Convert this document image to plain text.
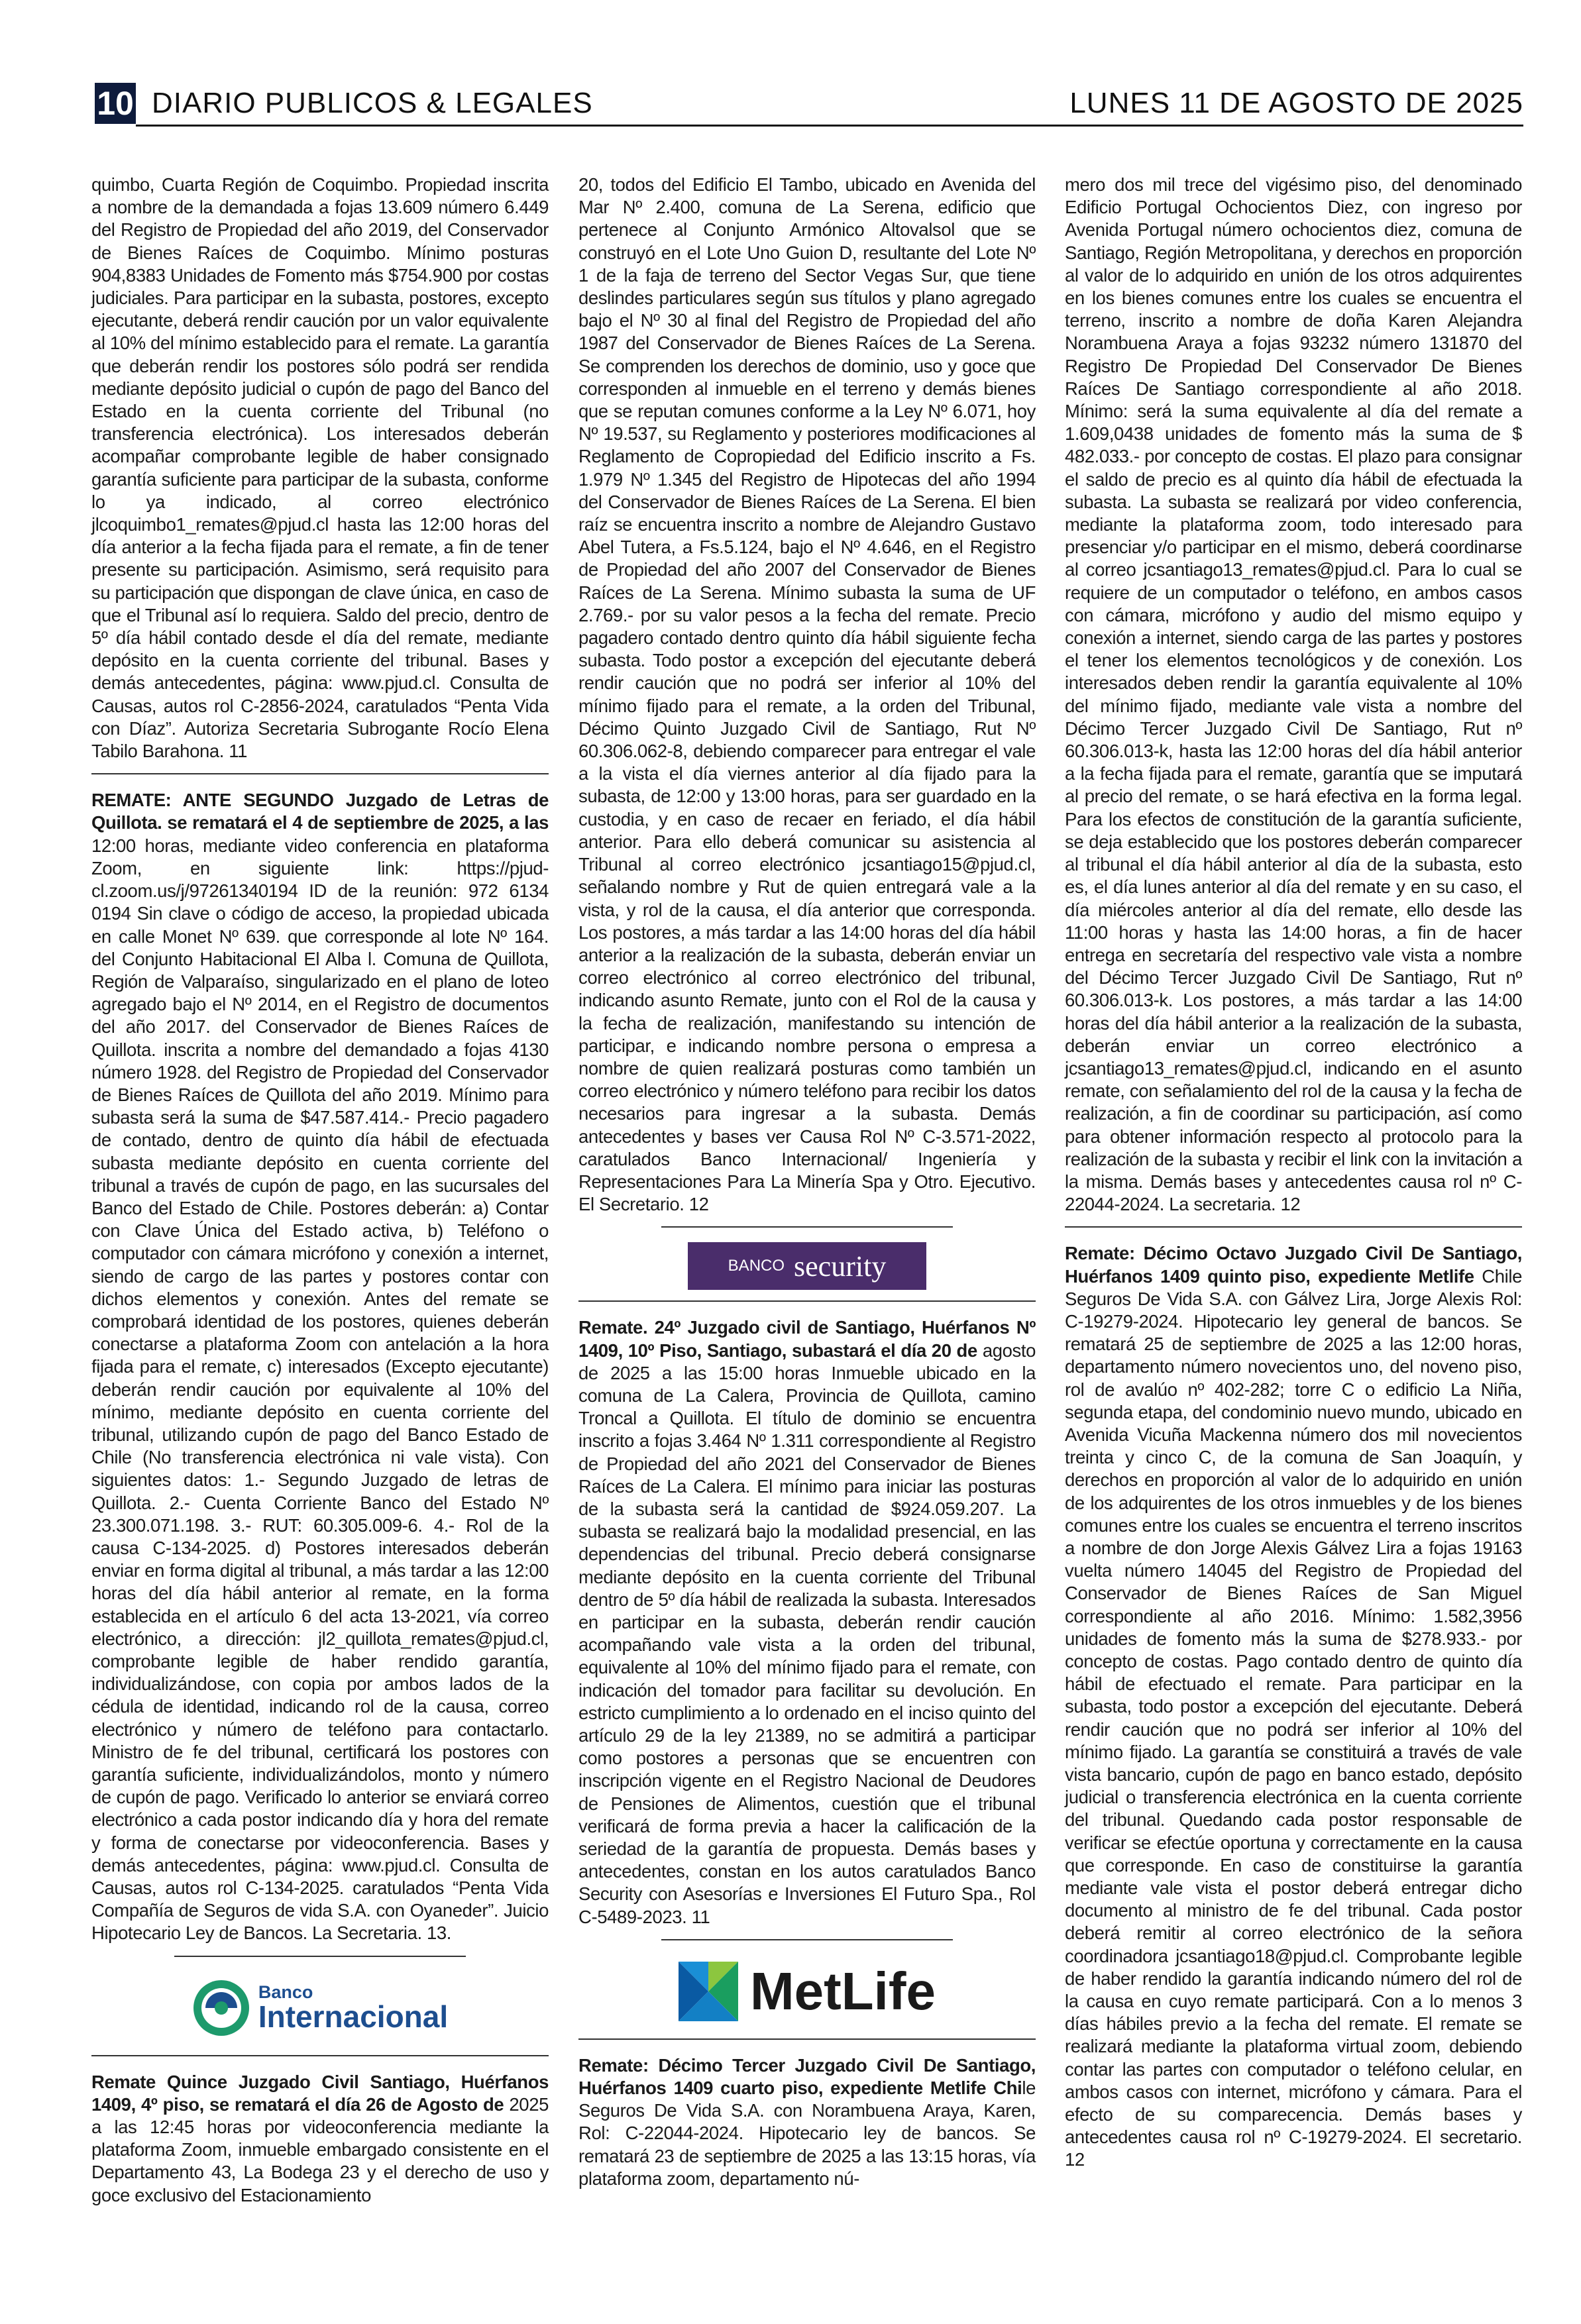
10 DIARIO PUBLICOS & LEGALES	LUNES 11 DE AGOSTO DE 2025

quimbo, Cuarta Región de Coquimbo. Propiedad inscrita a nombre de la demandada a fojas 13.609 número 6.449 del Registro de Propiedad del año 2019, del Conservador de Bienes Raíces de Coquimbo. Mínimo posturas 904,8383 Unidades de Fomento más $754.900 por costas judiciales. Para participar en la subasta, postores, excepto ejecutante, deberá rendir caución por un valor equivalente al 10% del mínimo establecido para el remate. La garantía que deberán rendir los postores sólo podrá ser rendida mediante depósito judicial o cupón de pago del Banco del Estado en la cuenta corriente del Tribunal (no transferencia electrónica). Los interesados deberán acompañar comprobante legible de haber consignado garantía suficiente para participar de la subasta, conforme lo ya indicado, al correo electrónico jlcoquimbo1_remates@pjud.cl hasta las 12:00 horas del día anterior a la fecha fijada para el remate, a fin de tener presente su participación. Asimismo, será requisito para su participación que dispongan de clave única, en caso de que el Tribunal así lo requiera. Saldo del precio, dentro de 5º día hábil contado desde el día del remate, mediante depósito en la cuenta corriente del tribunal. Bases y demás antecedentes, página: www.pjud.cl. Consulta de Causas, autos rol C-2856-2024, caratulados “Penta Vida con Díaz”. Autoriza Secretaria Subrogante Rocío Elena Tabilo Barahona. 11

REMATE: ANTE SEGUNDO Juzgado de Letras de Quillota. se rematará el 4 de septiembre de 2025, a las 12:00 horas, mediante video conferencia en plataforma Zoom, en siguiente link: https://pjud-cl.zoom.us/j/97261340194 ID de la reunión: 972 6134 0194 Sin clave o código de acceso, la propiedad ubicada en calle Monet Nº 639. que corresponde al lote Nº 164. del Conjunto Habitacional El Alba l. Comuna de Quillota, Región de Valparaíso, singularizado en el plano de loteo agregado bajo el Nº 2014, en el Registro de documentos del año 2017. del Conservador de Bienes Raíces de Quillota. inscrita a nombre del demandado a fojas 4130 número 1928. del Registro de Propiedad del Conservador de Bienes Raíces de Quillota del año 2019. Mínimo para subasta será la suma de $47.587.414.- Precio pagadero de contado, dentro de quinto día hábil de efectuada subasta mediante depósito en cuenta corriente del tribunal a través de cupón de pago, en las sucursales del Banco del Estado de Chile. Postores deberán: a) Contar con Clave Única del Estado activa, b) Teléfono o computador con cámara micrófono y conexión a internet, siendo de cargo de las partes y postores contar con dichos elementos y conexión. Antes del remate se comprobará identidad de los postores, quienes deberán conectarse a plataforma Zoom con antelación a la hora fijada para el remate, c) interesados (Excepto ejecutante) deberán rendir caución por equivalente al 10% del mínimo, mediante depósito en cuenta corriente del tribunal, utilizando cupón de pago del Banco Estado de Chile (No transferencia electrónica ni vale vista). Con siguientes datos: 1.- Segundo Juzgado de letras de Quillota. 2.- Cuenta Corriente Banco del Estado Nº 23.300.071.198. 3.- RUT: 60.305.009-6. 4.- Rol de la causa C-134-2025. d) Postores interesados deberán enviar en forma digital al tribunal, a más tardar a las 12:00 horas del día hábil anterior al remate, en la forma establecida en el artículo 6 del acta 13-2021, vía correo electrónico, a dirección: jl2_quillota_remates@pjud.cl, comprobante legible de haber rendido garantía, individualizándose, con copia por ambos lados de la cédula de identidad, indicando rol de la causa, correo electrónico y número de teléfono para contactarlo. Ministro de fe del tribunal, certificará los postores con garantía suficiente, individualizándolos, monto y número de cupón de pago. Verificado lo anterior se enviará correo electrónico a cada postor indicando día y hora del remate y forma de conectarse por videoconferencia. Bases y demás antecedentes, página: www.pjud.cl. Consulta de Causas, autos rol C-134-2025. caratulados “Penta Vida Compañía de Seguros de vida S.A. con Oyaneder”. Juicio Hipotecario Ley de Bancos. La Secretaria. 13.

Banco
Internacional

Remate Quince Juzgado Civil Santiago, Huérfanos 1409, 4º piso, se rematará el día 26 de Agosto de 2025 a las 12:45 horas por videoconferencia mediante la plataforma Zoom, inmueble embargado consistente en el Departamento 43, La Bodega 23 y el derecho de uso y goce exclusivo del Estacionamiento

20, todos del Edificio El Tambo, ubicado en Avenida del Mar Nº 2.400, comuna de La Serena, edificio que pertenece al Conjunto Armónico Altovalsol que se construyó en el Lote Uno Guion D, resultante del Lote Nº 1 de la faja de terreno del Sector Vegas Sur, que tiene deslindes particulares según sus títulos y plano agregado bajo el Nº 30 al final del Registro de Propiedad del año 1987 del Conservador de Bienes Raíces de La Serena. Se comprenden los derechos de dominio, uso y goce que corresponden al inmueble en el terreno y demás bienes que se reputan comunes conforme a la Ley Nº 6.071, hoy Nº 19.537, su Reglamento y posteriores modificaciones al Reglamento de Copropiedad del Edificio inscrito a Fs. 1.979 Nº 1.345 del Registro de Hipotecas del año 1994 del Conservador de Bienes Raíces de La Serena. El bien raíz se encuentra inscrito a nombre de Alejandro Gustavo Abel Tutera, a Fs.5.124, bajo el Nº 4.646, en el Registro de Propiedad del año 2007 del Conservador de Bienes Raíces de La Serena. Mínimo subasta la suma de UF 2.769.- por su valor pesos a la fecha del remate. Precio pagadero contado dentro quinto día hábil siguiente fecha subasta. Todo postor a excepción del ejecutante deberá rendir caución que no podrá ser inferior al 10% del mínimo fijado para el remate, a la orden del Tribunal, Décimo Quinto Juzgado Civil de Santiago, Rut Nº 60.306.062-8, debiendo comparecer para entregar el vale a la vista el día viernes anterior al día fijado para la subasta, de 12:00 y 13:00 horas, para ser guardado en la custodia, y en caso de recaer en feriado, el día hábil anterior. Para ello deberá comunicar su asistencia al Tribunal al correo electrónico jcsantiago15@pjud.cl, señalando nombre y Rut de quien entregará vale a la vista, y rol de la causa, el día anterior que corresponda. Los postores, a más tardar a las 14:00 horas del día hábil anterior a la realización de la subasta, deberán enviar un correo electrónico al correo electrónico del tribunal, indicando asunto Remate, junto con el Rol de la causa y la fecha de realización, manifestando su intención de participar, e indicando nombre persona o empresa a nombre de quien realizará posturas como también un correo electrónico y número teléfono para recibir los datos necesarios para ingresar a la subasta. Demás antecedentes y bases ver Causa Rol Nº C-3.571-2022, caratulados Banco Internacional/ Ingeniería y Representaciones Para La Minería Spa y Otro. Ejecutivo. El Secretario. 12

BANCO security

Remate. 24º Juzgado civil de Santiago, Huérfanos Nº 1409, 10º Piso, Santiago, subastará el día 20 de agosto de 2025 a las 15:00 horas Inmueble ubicado en la comuna de La Calera, Provincia de Quillota, camino Troncal a Quillota. El título de dominio se encuentra inscrito a fojas 3.464 Nº 1.311 correspondiente al Registro de Propiedad del año 2021 del Conservador de Bienes Raíces de La Calera. El mínimo para iniciar las posturas de la subasta será la cantidad de $924.059.207. La subasta se realizará bajo la modalidad presencial, en las dependencias del tribunal. Precio deberá consignarse mediante depósito en la cuenta corriente del Tribunal dentro de 5º día hábil de realizada la subasta. Interesados en participar en la subasta, deberán rendir caución acompañando vale vista a la orden del tribunal, equivalente al 10% del mínimo fijado para el remate, con indicación del tomador para facilitar su devolución. En estricto cumplimiento a lo ordenado en el inciso quinto del artículo 29 de la ley 21389, no se admitirá a participar como postores a personas que se encuentren con inscripción vigente en el Registro Nacional de Deudores de Pensiones de Alimentos, cuestión que el tribunal verificará de forma previa a hacer la calificación de la seriedad de la garantía de propuesta. Demás bases y antecedentes, constan en los autos caratulados Banco Security con Asesorías e Inversiones El Futuro Spa., Rol C-5489-2023. 11

MetLife

Remate: Décimo Tercer Juzgado Civil De Santiago, Huérfanos 1409 cuarto piso, expediente Metlife Chile Seguros De Vida S.A. con Norambuena Araya, Karen, Rol: C-22044-2024. Hipotecario ley de bancos. Se rematará 23 de septiembre de 2025 a las 13:15 horas, vía plataforma zoom, departamento nú-

mero dos mil trece del vigésimo piso, del denominado Edificio Portugal Ochocientos Diez, con ingreso por Avenida Portugal número ochocientos diez, comuna de Santiago, Región Metropolitana, y derechos en proporción al valor de lo adquirido en unión de los otros adquirentes en los bienes comunes entre los cuales se encuentra el terreno, inscrito a nombre de doña Karen Alejandra Norambuena Araya a fojas 93232 número 131870 del Registro De Propiedad Del Conservador De Bienes Raíces De Santiago correspondiente al año 2018. Mínimo: será la suma equivalente al día del remate a 1.609,0438 unidades de fomento más la suma de $ 482.033.- por concepto de costas. El plazo para consignar el saldo de precio es al quinto día hábil de efectuada la subasta. La subasta se realizará por video conferencia, mediante la plataforma zoom, todo interesado para presenciar y/o participar en el mismo, deberá coordinarse al correo jcsantiago13_remates@pjud.cl. Para lo cual se requiere de un computador o teléfono, en ambos casos con cámara, micrófono y audio del mismo equipo y conexión a internet, siendo carga de las partes y postores el tener los elementos tecnológicos y de conexión. Los interesados deben rendir la garantía equivalente al 10% del mínimo fijado, mediante vale vista a nombre del Décimo Tercer Juzgado Civil De Santiago, Rut nº 60.306.013-k, hasta las 12:00 horas del día hábil anterior a la fecha fijada para el remate, garantía que se imputará al precio del remate, o se hará efectiva en la forma legal. Para los efectos de constitución de la garantía suficiente, se deja establecido que los postores deberán comparecer al tribunal el día hábil anterior al día de la subasta, esto es, el día lunes anterior al día del remate y en su caso, el día miércoles anterior al día del remate, ello desde las 11:00 horas y hasta las 14:00 horas, a fin de hacer entrega en secretaría del respectivo vale vista a nombre del Décimo Tercer Juzgado Civil De Santiago, Rut nº 60.306.013-k. Los postores, a más tardar a las 14:00 horas del día hábil anterior a la realización de la subasta, deberán enviar un correo electrónico a jcsantiago13_remates@pjud.cl, indicando en el asunto remate, con señalamiento del rol de la causa y la fecha de realización, a fin de coordinar su participación, así como para obtener información respecto al protocolo para la realización de la subasta y recibir el link con la invitación a la misma. Demás bases y antecedentes causa rol nº C-22044-2024. La secretaria. 12

Remate: Décimo Octavo Juzgado Civil De Santiago, Huérfanos 1409 quinto piso, expediente Metlife Chile Seguros De Vida S.A. con Gálvez Lira, Jorge Alexis Rol: C-19279-2024. Hipotecario ley general de bancos. Se rematará 25 de septiembre de 2025 a las 12:00 horas, departamento número novecientos uno, del noveno piso, rol de avalúo nº 402-282; torre C o edificio La Niña, segunda etapa, del condominio nuevo mundo, ubicado en Avenida Vicuña Mackenna número dos mil novecientos treinta y cinco C, de la comuna de San Joaquín, y derechos en proporción al valor de lo adquirido en unión de los adquirentes de los otros inmuebles y de los bienes comunes entre los cuales se encuentra el terreno inscritos a nombre de don Jorge Alexis Gálvez Lira a fojas 19163 vuelta número 14045 del Registro de Propiedad del Conservador de Bienes Raíces de San Miguel correspondiente al año 2016. Mínimo: 1.582,3956 unidades de fomento más la suma de $278.933.- por concepto de costas. Pago contado dentro de quinto día hábil de efectuado el remate. Para participar en la subasta, todo postor a excepción del ejecutante. Deberá rendir caución que no podrá ser inferior al 10% del mínimo fijado. La garantía se constituirá a través de vale vista bancario, cupón de pago en banco estado, depósito judicial o transferencia electrónica en la cuenta corriente del tribunal. Quedando cada postor responsable de verificar se efectúe oportuna y correctamente en la causa que corresponde. En caso de constituirse la garantía mediante vale vista el postor deberá entregar dicho documento al ministro de fe del tribunal. Cada postor deberá remitir al correo electrónico de la señora coordinadora jcsantiago18@pjud.cl. Comprobante legible de haber rendido la garantía indicando número del rol de la causa en cuyo remate participará. Con a lo menos 3 días hábiles previo a la fecha del remate. El remate se realizará mediante la plataforma virtual zoom, debiendo contar las partes con computador o teléfono celular, en ambos casos con internet, micrófono y cámara. Para el efecto de su comparecencia. Demás bases y antecedentes causa rol nº C-19279-2024. El secretario. 12
